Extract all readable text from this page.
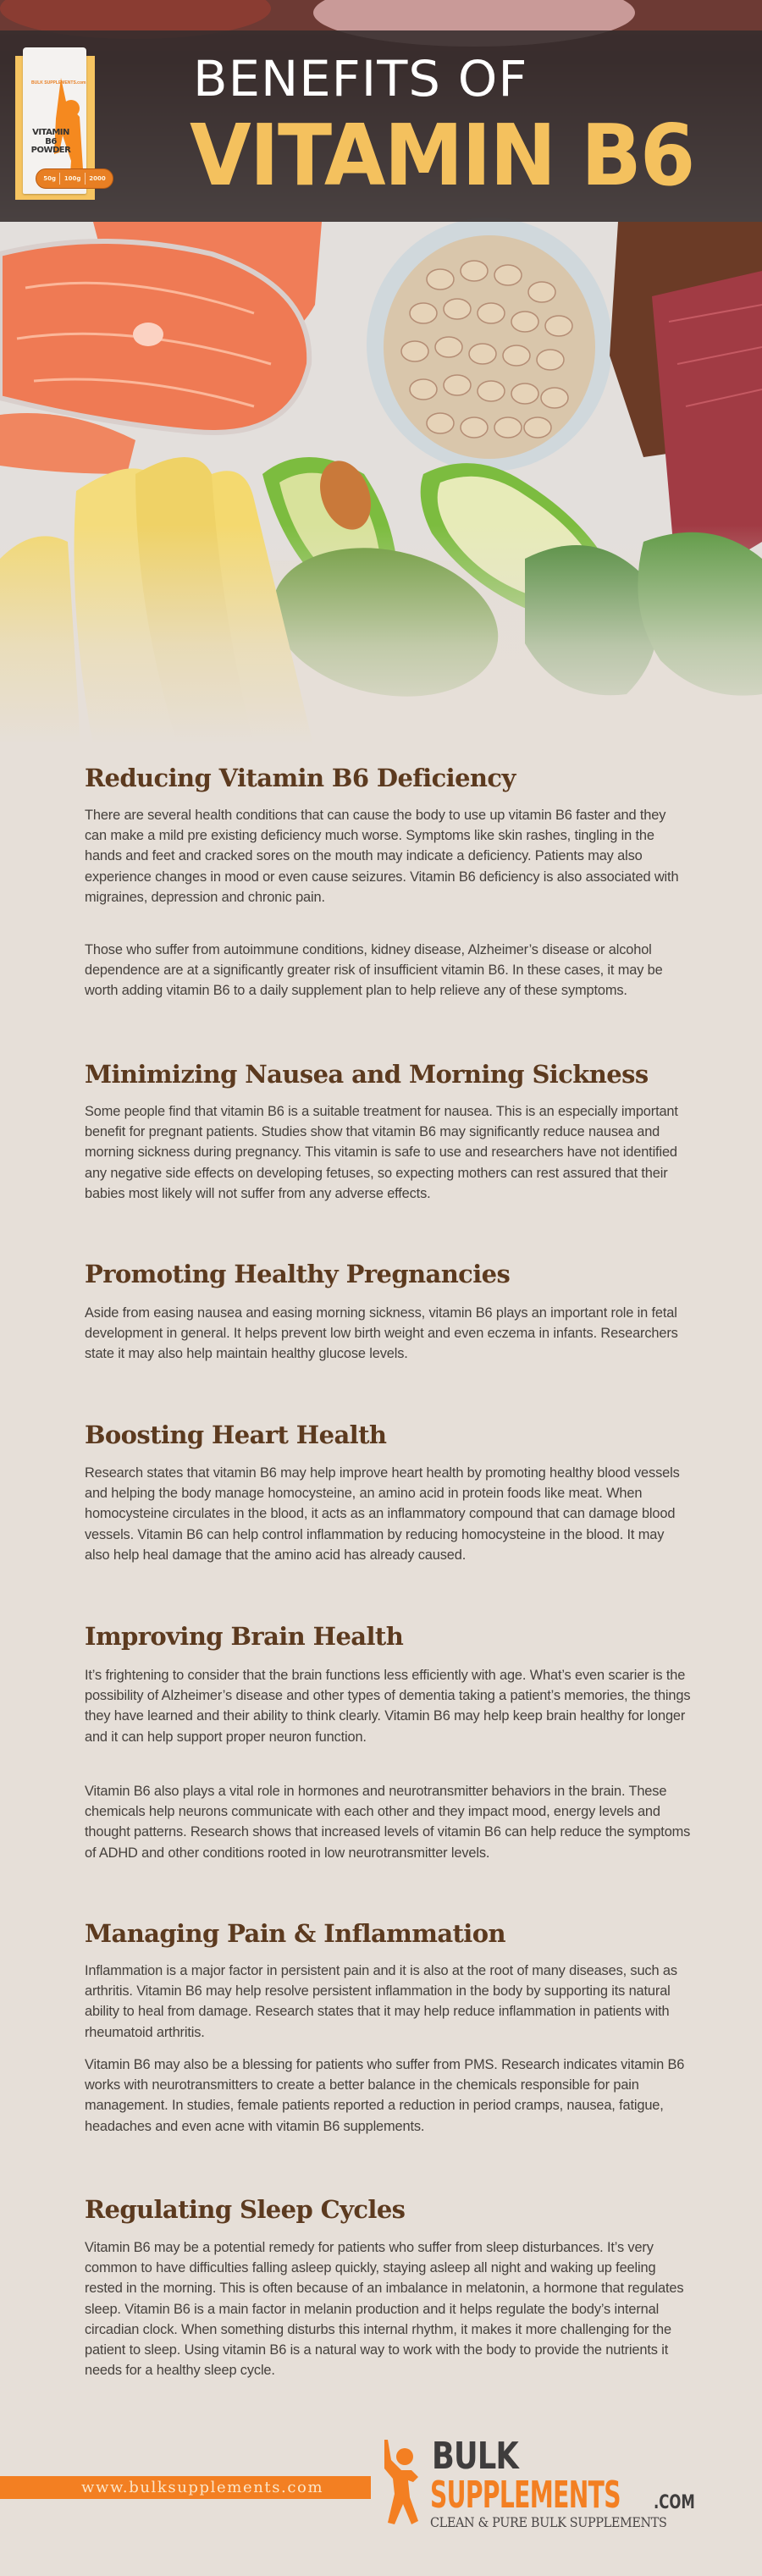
BULK SUPPLEMENTS.com
VITAMIN B6
POWDER
50g 100g 2000
BENEFITS OF
VITAMIN B6
Reducing Vitamin B6 Deficiency

There are several health conditions that can cause the body to use up vitamin B6 faster and they can make a mild pre existing deficiency much worse. Symptoms like skin rashes, tingling in the hands and feet and cracked sores on the mouth may indicate a deficiency. Patients may also experience changes in mood or even cause seizures. Vitamin B6 deficiency is also associated with migraines, depression and chronic pain.

Those who suffer from autoimmune conditions, kidney disease, Alzheimer’s disease or alcohol dependence are at a significantly greater risk of insufficient vitamin B6. In these cases, it may be worth adding vitamin B6 to a daily supplement plan to help relieve any of these symptoms.

Minimizing Nausea and Morning Sickness

Some people find that vitamin B6 is a suitable treatment for nausea. This is an especially important benefit for pregnant patients. Studies show that vitamin B6 may significantly reduce nausea and morning sickness during pregnancy. This vitamin is safe to use and researchers have not identified any negative side effects on developing fetuses, so expecting mothers can rest assured that their babies most likely will not suffer from any adverse effects.

Promoting Healthy Pregnancies

Aside from easing nausea and easing morning sickness, vitamin B6 plays an important role in fetal development in general. It helps prevent low birth weight and even eczema in infants. Researchers state it may also help maintain healthy glucose levels.

Boosting Heart Health

Research states that vitamin B6 may help improve heart health by promoting healthy blood vessels and helping the body manage homocysteine, an amino acid in protein foods like meat. When homocysteine circulates in the blood, it acts as an inflammatory compound that can damage blood vessels. Vitamin B6 can help control inflammation by reducing homocysteine in the blood. It may also help heal damage that the amino acid has already caused.

Improving Brain Health

It’s frightening to consider that the brain functions less efficiently with age. What’s even scarier is the possibility of Alzheimer’s disease and other types of dementia taking a patient’s memories, the things they have learned and their ability to think clearly. Vitamin B6 may help keep brain healthy for longer and it can help support proper neuron function.

Vitamin B6 also plays a vital role in hormones and neurotransmitter behaviors in the brain. These chemicals help neurons communicate with each other and they impact mood, energy levels and thought patterns. Research shows that increased levels of vitamin B6 can help reduce the symptoms of ADHD and other conditions rooted in low neurotransmitter levels.

Managing Pain & Inflammation

Inflammation is a major factor in persistent pain and it is also at the root of many diseases, such as arthritis. Vitamin B6 may help resolve persistent inflammation in the body by supporting its natural ability to heal from damage. Research states that it may help reduce inflammation in patients with rheumatoid arthritis.

Vitamin B6 may also be a blessing for patients who suffer from PMS. Research indicates vitamin B6 works with neurotransmitters to create a better balance in the chemicals responsible for pain management. In studies, female patients reported a reduction in period cramps, nausea, fatigue, headaches and even acne with vitamin B6 supplements.

Regulating Sleep Cycles

Vitamin B6 may be a potential remedy for patients who suffer from sleep disturbances. It’s very common to have difficulties falling asleep quickly, staying asleep all night and waking up feeling rested in the morning. This is often because of an imbalance in melatonin, a hormone that regulates sleep. Vitamin B6 is a main factor in melanin production and it helps regulate the body’s internal circadian clock. When something disturbs this internal rhythm, it makes it more challenging for the patient to sleep. Using vitamin B6 is a natural way to work with the body to provide the nutrients it needs for a healthy sleep cycle.

www.bulksupplements.com
BULK
SUPPLEMENTS .COM
CLEAN & PURE BULK SUPPLEMENTS
